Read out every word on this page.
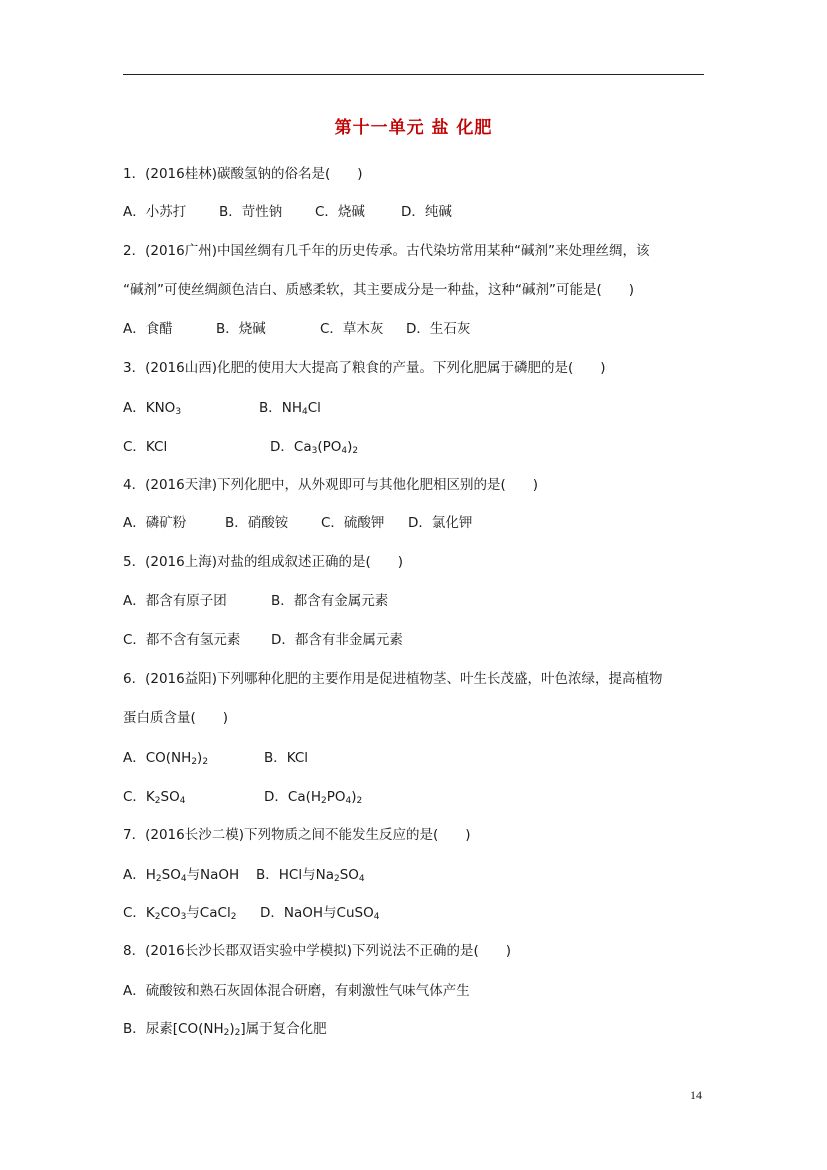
第十一单元 盐 化肥
1．(2016桂林)碳酸氢钠的俗名是(　　)
A．小苏打 B．苛性钠 C．烧碱	D．纯碱
2．(2016广州)中国丝绸有几千年的历史传承。古代染坊常用某种“碱剂”来处理丝绸，该
“碱剂”可使丝绸颜色洁白、质感柔软，其主要成分是一种盐，这种“碱剂”可能是(　　)
A．食醋	B．烧碱	C．草木灰 D．生石灰
3．(2016山西)化肥的使用大大提高了粮食的产量。下列化肥属于磷肥的是(　　)
A．$KNO_3$	B．$NH_4Cl$
C．KCl	D．$Ca_3(PO_4)_2$
4．(2016天津)下列化肥中，从外观即可与其他化肥相区别的是(　　)
A．磷矿粉	B．硝酸铵 C．硫酸钾 D．氯化钾
5．(2016上海)对盐的组成叙述正确的是(　　)
A．都含有原子团	B．都含有金属元素
C．都不含有氢元素 D．都含有非金属元素
6．(2016益阳)下列哪种化肥的主要作用是促进植物茎、叶生长茂盛，叶色浓绿，提高植物
蛋白质含量(　　)
A．$CO(NH_2)_2$	B．KCl
C．$K_2SO_4$	D．$Ca(H_2PO_4)_2$
7．(2016长沙二模)下列物质之间不能发生反应的是(　　)
A．$H_2SO_4$与NaOH B．HCl与$Na_2SO_4$
C．$K_2CO_3$与CaCl$_2$ D．NaOH与CuSO$_4$
8．(2016长沙长郡双语实验中学模拟)下列说法不正确的是(　　)
A．硫酸铵和熟石灰固体混合研磨，有刺激性气味气体产生
B．尿素$[CO(NH_2)_2]$属于复合化肥
14
